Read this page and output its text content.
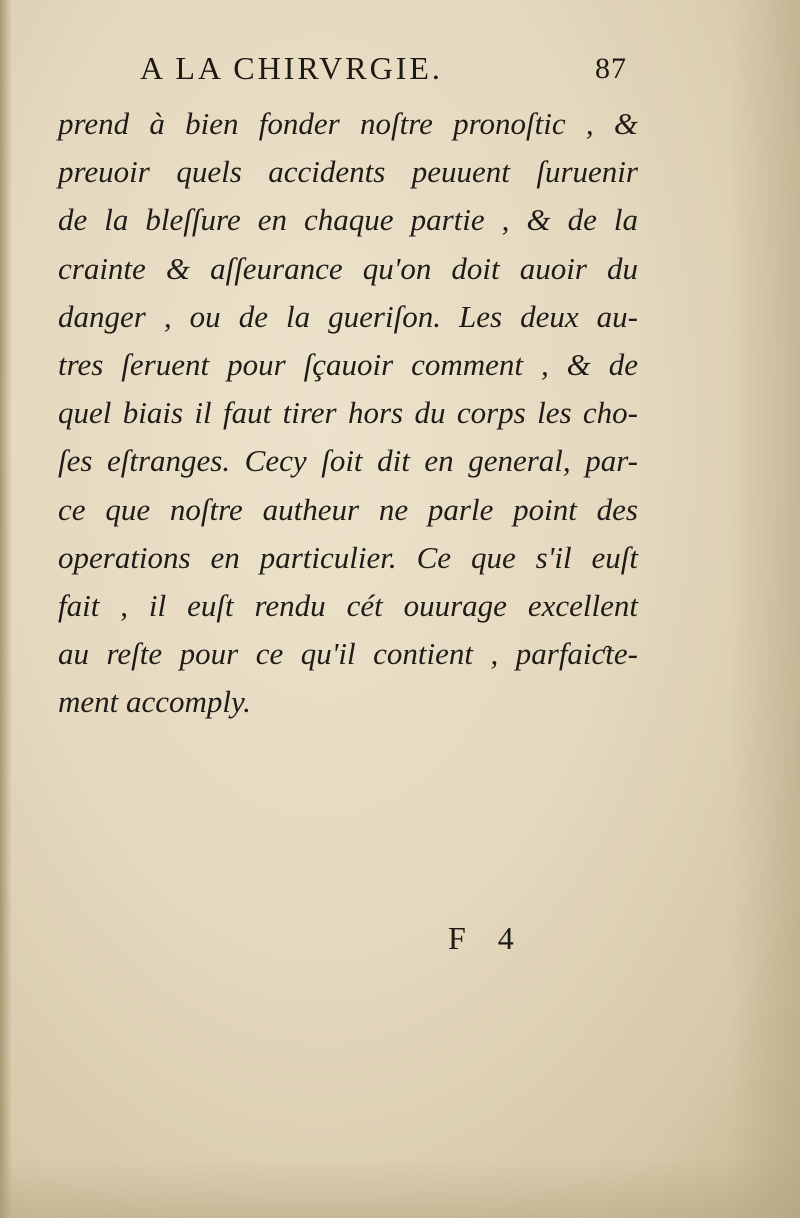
A LA CHIRVRGIE.	87
prend à bien fonder noſtre pronoſtic , &
preuoir quels accidents peuuent ſuruenir
de la bleſſure en chaque partie , & de la
crainte & aſſeurance qu'on doit auoir du
danger , ou de la gueriſon. Les deux au-
tres ſeruent pour ſçauoir comment , & de
quel biais il faut tirer hors du corps les cho-
ſes eſtranges. Cecy ſoit dit en general, par-
ce que noſtre autheur ne parle point des
operations en particulier. Ce que s'il euſt
fait , il euſt rendu cét ouurage excellent
au reſte pour ce qu'il contient , parfaiƈte-
ment accomply.
F 4
